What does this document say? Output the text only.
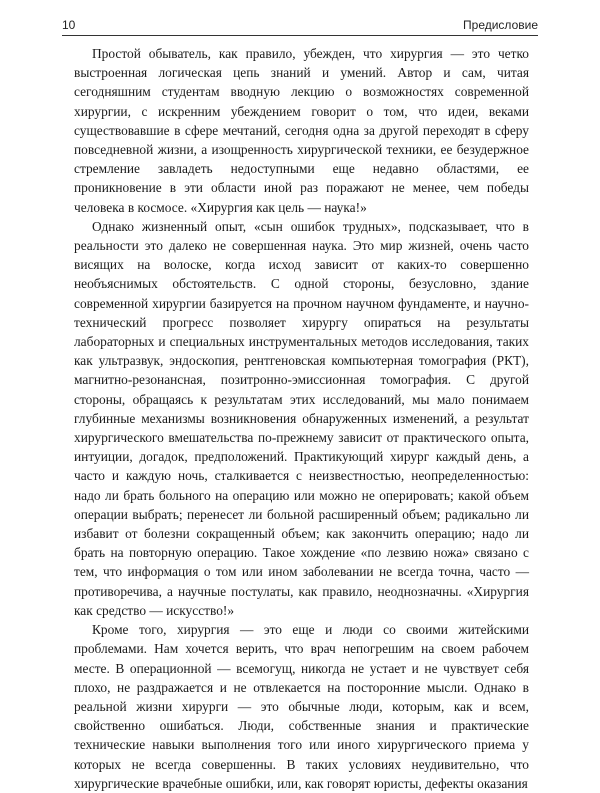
10	Предисловие

Простой обыватель, как правило, убежден, что хирургия — это четко выстроенная логическая цепь знаний и умений. Автор и сам, читая сегодняшним студентам вводную лекцию о возможностях современной хирургии, с искренним убеждением говорит о том, что идеи, веками существовавшие в сфере мечтаний, сегодня одна за другой переходят в сферу повседневной жизни, а изощренность хирургической техники, ее безудержное стремление завладеть недоступными еще недавно областями, ее проникновение в эти области иной раз поражают не менее, чем победы человека в космосе. «Хирургия как цель — наука!»

Однако жизненный опыт, «сын ошибок трудных», подсказывает, что в реальности это далеко не совершенная наука. Это мир жизней, очень часто висящих на волоске, когда исход зависит от каких-то совершенно необъяснимых обстоятельств. С одной стороны, безусловно, здание современной хирургии базируется на прочном научном фундаменте, и научно-технический прогресс позволяет хирургу опираться на результаты лабораторных и специальных инструментальных методов исследования, таких как ультразвук, эндоскопия, рентгеновская компьютерная томография (РКТ), магнитно-резонансная, позитронно-эмиссионная томография. С другой стороны, обращаясь к результатам этих исследований, мы мало понимаем глубинные механизмы возникновения обнаруженных изменений, а результат хирургического вмешательства по-прежнему зависит от практического опыта, интуиции, догадок, предположений. Практикующий хирург каждый день, а часто и каждую ночь, сталкивается с неизвестностью, неопределенностью: надо ли брать больного на операцию или можно не оперировать; какой объем операции выбрать; перенесет ли больной расширенный объем; радикально ли избавит от болезни сокращенный объем; как закончить операцию; надо ли брать на повторную операцию. Такое хождение «по лезвию ножа» связано с тем, что информация о том или ином заболевании не всегда точна, часто — противоречива, а научные постулаты, как правило, неоднозначны. «Хирургия как средство — искусство!»

Кроме того, хирургия — это еще и люди со своими житейскими проблемами. Нам хочется верить, что врач непогрешим на своем рабочем месте. В операционной — всемогущ, никогда не устает и не чувствует себя плохо, не раздражается и не отвлекается на посторонние мысли. Однако в реальной жизни хирурги — это обычные люди, которым, как и всем, свойственно ошибаться. Люди, собственные знания и практические технические навыки выполнения того или иного хирургического приема у которых не всегда совершенны. В таких условиях неудивительно, что хирургические врачебные ошибки, или, как говорят юристы, дефекты оказания
